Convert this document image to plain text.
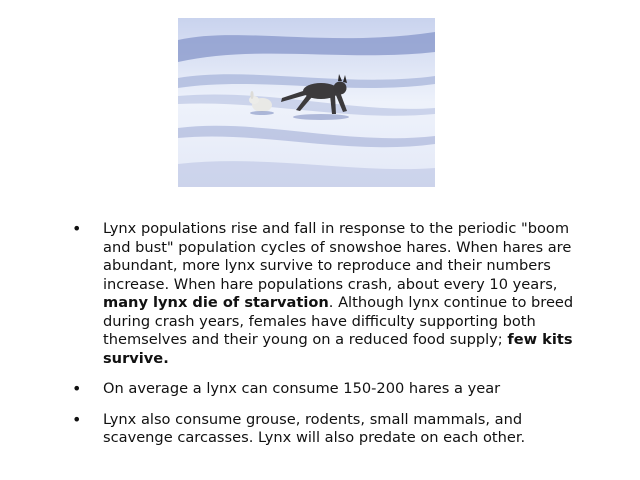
• Lynx populations rise and fall in response to the periodic "boom and bust" population cycles of snowshoe hares. When hares are abundant, more lynx survive to reproduce and their numbers increase. When hare populations crash, about every 10 years, many lynx die of starvation. Although lynx continue to breed during crash years, females have difficulty supporting both themselves and their young on a reduced food supply; few kits survive.
• On average a lynx can consume 150-200 hares a year
• Lynx also consume grouse, rodents, small mammals, and scavenge carcasses. Lynx will also predate on each other.
